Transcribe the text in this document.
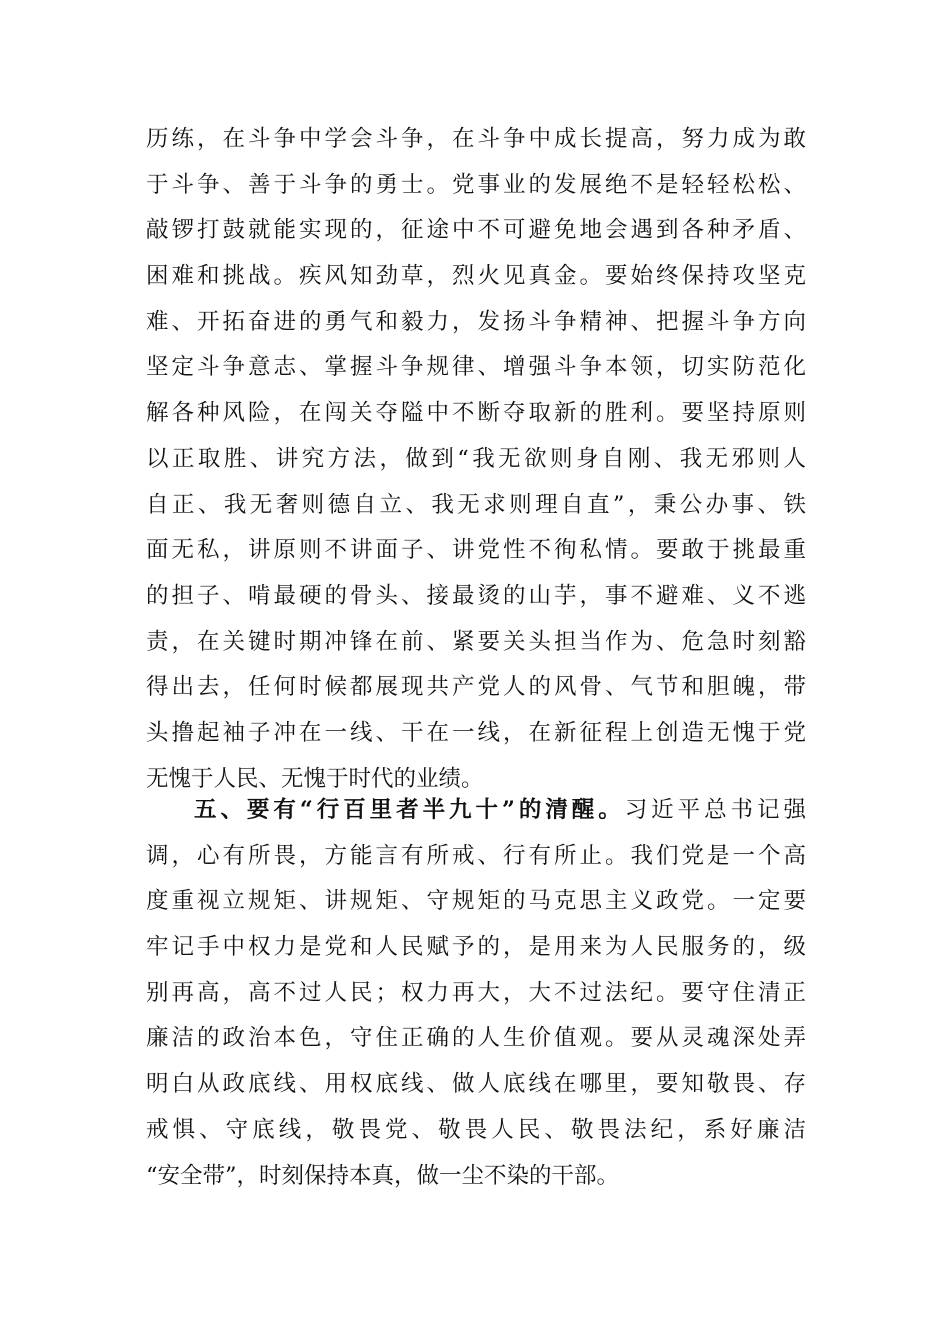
历练，在斗争中学会斗争，在斗争中成长提高，努力成为敢
于斗争、善于斗争的勇士。党事业的发展绝不是轻轻松松、
敲锣打鼓就能实现的，征途中不可避免地会遇到各种矛盾、
困难和挑战。疾风知劲草，烈火见真金。要始终保持攻坚克
难、开拓奋进的勇气和毅力，发扬斗争精神、把握斗争方向
坚定斗争意志、掌握斗争规律、增强斗争本领，切实防范化
解各种风险，在闯关夺隘中不断夺取新的胜利。要坚持原则
以正取胜、讲究方法，做到“我无欲则身自刚、我无邪则人
自正、我无奢则德自立、我无求则理自直”，秉公办事、铁
面无私，讲原则不讲面子、讲党性不徇私情。要敢于挑最重
的担子、啃最硬的骨头、接最烫的山芋，事不避难、义不逃
责，在关键时期冲锋在前、紧要关头担当作为、危急时刻豁
得出去，任何时候都展现共产党人的风骨、气节和胆魄，带
头撸起袖子冲在一线、干在一线，在新征程上创造无愧于党
无愧于人民、无愧于时代的业绩。
五、要有“行百里者半九十”的清醒。习近平总书记强
调，心有所畏，方能言有所戒、行有所止。我们党是一个高
度重视立规矩、讲规矩、守规矩的马克思主义政党。一定要
牢记手中权力是党和人民赋予的，是用来为人民服务的，级
别再高，高不过人民；权力再大，大不过法纪。要守住清正
廉洁的政治本色，守住正确的人生价值观。要从灵魂深处弄
明白从政底线、用权底线、做人底线在哪里，要知敬畏、存
戒惧、守底线，敬畏党、敬畏人民、敬畏法纪，系好廉洁
“安全带”，时刻保持本真，做一尘不染的干部。
